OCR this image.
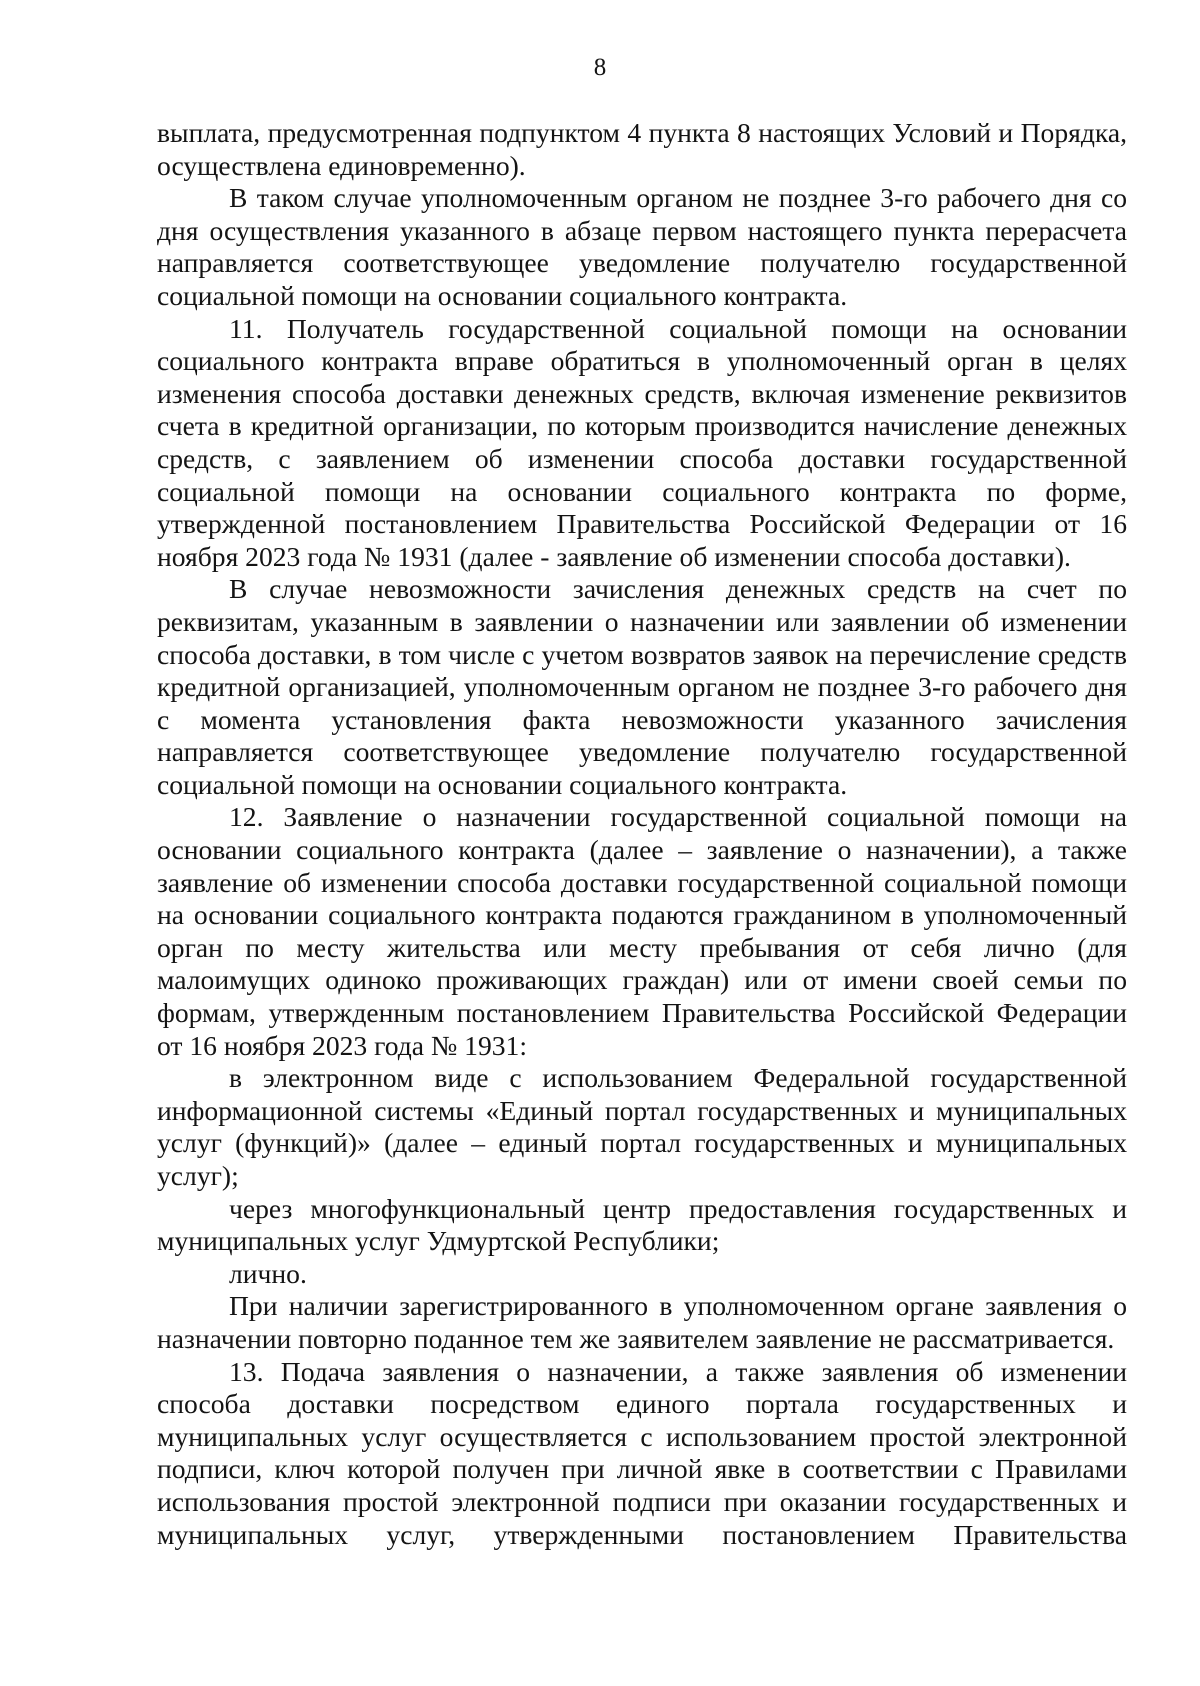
8

выплата, предусмотренная подпунктом 4 пункта 8 настоящих Условий и Порядка, осуществлена единовременно).

В таком случае уполномоченным органом не позднее 3-го рабочего дня со дня осуществления указанного в абзаце первом настоящего пункта перерасчета направляется соответствующее уведомление получателю государственной социальной помощи на основании социального контракта.

11. Получатель государственной социальной помощи на основании социального контракта вправе обратиться в уполномоченный орган в целях изменения способа доставки денежных средств, включая изменение реквизитов счета в кредитной организации, по которым производится начисление денежных средств, с заявлением об изменении способа доставки государственной социальной помощи на основании социального контракта по форме, утвержденной постановлением Правительства Российской Федерации от 16 ноября 2023 года № 1931 (далее - заявление об изменении способа доставки).

В случае невозможности зачисления денежных средств на счет по реквизитам, указанным в заявлении о назначении или заявлении об изменении способа доставки, в том числе с учетом возвратов заявок на перечисление средств кредитной организацией, уполномоченным органом не позднее 3-го рабочего дня с момента установления факта невозможности указанного зачисления направляется соответствующее уведомление получателю государственной социальной помощи на основании социального контракта.

12. Заявление о назначении государственной социальной помощи на основании социального контракта (далее – заявление о назначении), а также заявление об изменении способа доставки государственной социальной помощи на основании социального контракта подаются гражданином в уполномоченный орган по месту жительства или месту пребывания от себя лично (для малоимущих одиноко проживающих граждан) или от имени своей семьи по формам, утвержденным постановлением Правительства Российской Федерации от 16 ноября 2023 года № 1931:

в электронном виде с использованием Федеральной государственной информационной системы «Единый портал государственных и муниципальных услуг (функций)» (далее – единый портал государственных и муниципальных услуг);

через многофункциональный центр предоставления государственных и муниципальных услуг Удмуртской Республики;

лично.

При наличии зарегистрированного в уполномоченном органе заявления о назначении повторно поданное тем же заявителем заявление не рассматривается.

13. Подача заявления о назначении, а также заявления об изменении способа доставки посредством единого портала государственных и муниципальных услуг осуществляется с использованием простой электронной подписи, ключ которой получен при личной явке в соответствии с Правилами использования простой электронной подписи при оказании государственных и муниципальных услуг, утвержденными постановлением Правительства
